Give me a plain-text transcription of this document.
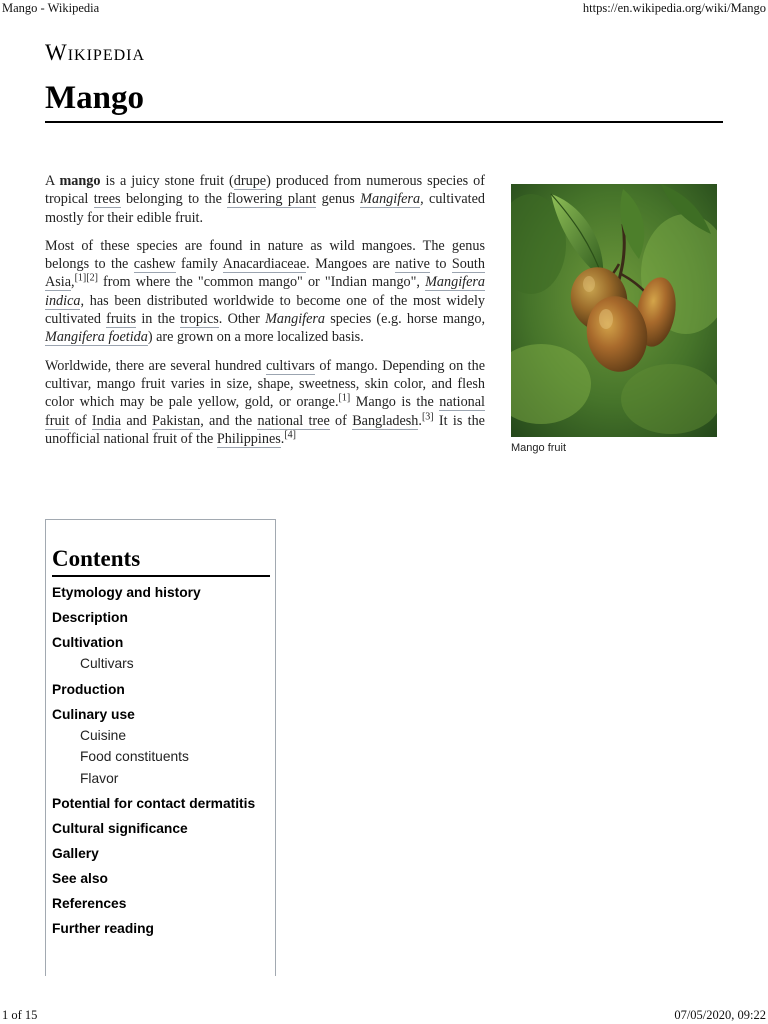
Mango - Wikipedia	https://en.wikipedia.org/wiki/Mango
Wikipedia
Mango

A mango is a juicy stone fruit (drupe) produced from numerous species of tropical trees belonging to the flowering plant genus Mangifera, cultivated mostly for their edible fruit.

Most of these species are found in nature as wild mangoes. The genus belongs to the cashew family Anacardiaceae. Mangoes are native to South Asia,[1][2] from where the "common mango" or "Indian mango", Mangifera indica, has been distributed worldwide to become one of the most widely cultivated fruits in the tropics. Other Mangifera species (e.g. horse mango, Mangifera foetida) are grown on a more localized basis.

Worldwide, there are several hundred cultivars of mango. Depending on the cultivar, mango fruit varies in size, shape, sweetness, skin color, and flesh color which may be pale yellow, gold, or orange.[1] Mango is the national fruit of India and Pakistan, and the national tree of Bangladesh.[3] It is the unofficial national fruit of the Philippines.[4]

Mango fruit
Contents
Etymology and history
Description
Cultivation
Cultivars
Production
Culinary use
Cuisine
Food constituents
Flavor
Potential for contact dermatitis
Cultural significance
Gallery
See also
References
Further reading
1 of 15	07/05/2020, 09:22
